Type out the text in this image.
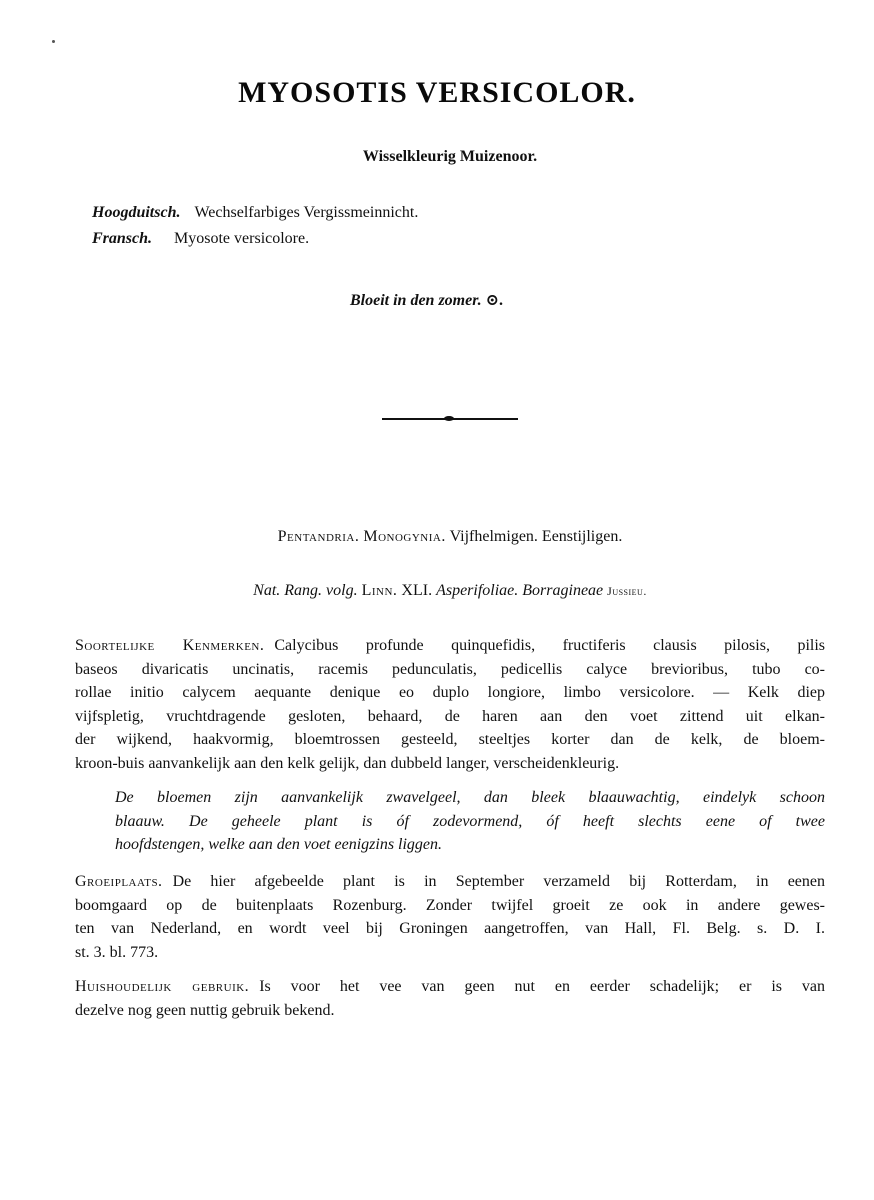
MYOSOTIS VERSICOLOR.
Wisselkleurig Muizenoor.
Hoogduitsch. Wechselfarbiges Vergissmeinnicht.
Fransch. Myosote versicolore.
Bloeit in den zomer. ⊙.
Pentandria. Monogynia. Vijfhelmigen. Eenstijligen.
Nat. Rang. volg. Linn. XLI. Asperifoliae. Borragineae Jussieu.
Soortelijke Kenmerken. Calycibus profunde quinquefidis, fructiferis clausis pilosis, pilis
baseos divaricatis uncinatis, racemis pedunculatis, pedicellis calyce brevioribus, tubo co-
rollae initio calycem aequante denique eo duplo longiore, limbo versicolore. — Kelk diep
vijfspletig, vruchtdragende gesloten, behaard, de haren aan den voet zittend uit elkan-
der wijkend, haakvormig, bloemtrossen gesteeld, steeltjes korter dan de kelk, de bloem-
kroon-buis aanvankelijk aan den kelk gelijk, dan dubbeld langer, verscheidenkleurig.
De bloemen zijn aanvankelijk zwavelgeel, dan bleek blaauwachtig, eindelyk schoon
blaauw. De geheele plant is óf zodevormend, óf heeft slechts eene of twee
hoofdstengen, welke aan den voet eenigzins liggen.
Groeiplaats. De hier afgebeelde plant is in September verzameld bij Rotterdam, in eenen
boomgaard op de buitenplaats Rozenburg. Zonder twijfel groeit ze ook in andere gewes-
ten van Nederland, en wordt veel bij Groningen aangetroffen, van Hall, Fl. Belg. s. D. I.
st. 3. bl. 773.
Huishoudelijk gebruik. Is voor het vee van geen nut en eerder schadelijk; er is van
dezelve nog geen nuttig gebruik bekend.
